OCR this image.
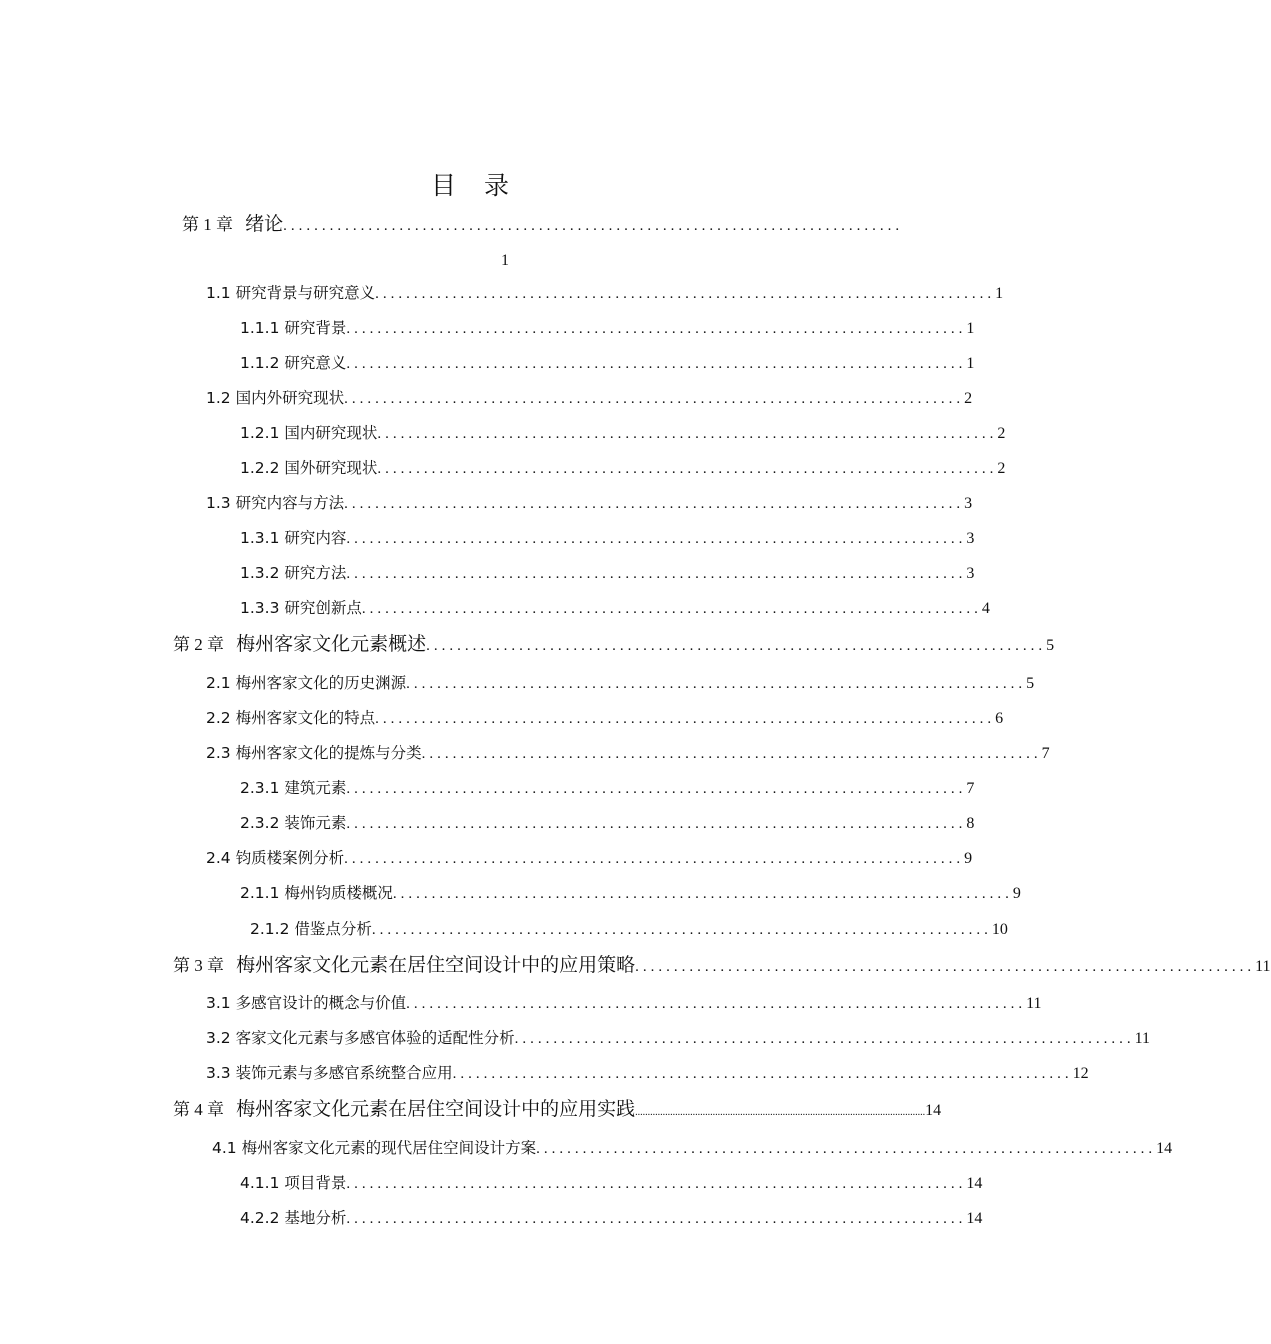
目 录
第 1 章 绪论 ................................................................................
1
1.1 研究背景与研究意义 ................................................................................ 1
1.1.1 研究背景 ................................................................................ 1
1.1.2 研究意义 ................................................................................ 1
1.2 国内外研究现状 ................................................................................ 2
1.2.1 国内研究现状 ................................................................................ 2
1.2.2 国外研究现状 ................................................................................ 2
1.3 研究内容与方法 ................................................................................ 3
1.3.1 研究内容 ................................................................................ 3
1.3.2 研究方法 ................................................................................ 3
1.3.3 研究创新点 ................................................................................ 4
第 2 章 梅州客家文化元素概述 ................................................................................ 5
2.1 梅州客家文化的历史渊源 ................................................................................ 5
2.2 梅州客家文化的特点 ................................................................................ 6
2.3 梅州客家文化的提炼与分类 ................................................................................ 7
2.3.1 建筑元素 ................................................................................ 7
2.3.2 装饰元素 ................................................................................ 8
2.4 钧质楼案例分析 ................................................................................ 9
2.1.1 梅州钧质楼概况 ................................................................................ 9
2.1.2 借鉴点分析 ................................................................................ 10
第 3 章 梅州客家文化元素在居住空间设计中的应用策略 ................................................................................ 11
3.1 多感官设计的概念与价值 ................................................................................ 11
3.2 客家文化元素与多感官体验的适配性分析 ................................................................................ 11
3.3 装饰元素与多感官系统整合应用 ................................................................................ 12
第 4 章 梅州客家文化元素在居住空间设计中的应用实践 .................................................................................................................... 14
4.1 梅州客家文化元素的现代居住空间设计方案 ................................................................................ 14
4.1.1 项目背景 ................................................................................ 14
4.2.2 基地分析 ................................................................................ 14
